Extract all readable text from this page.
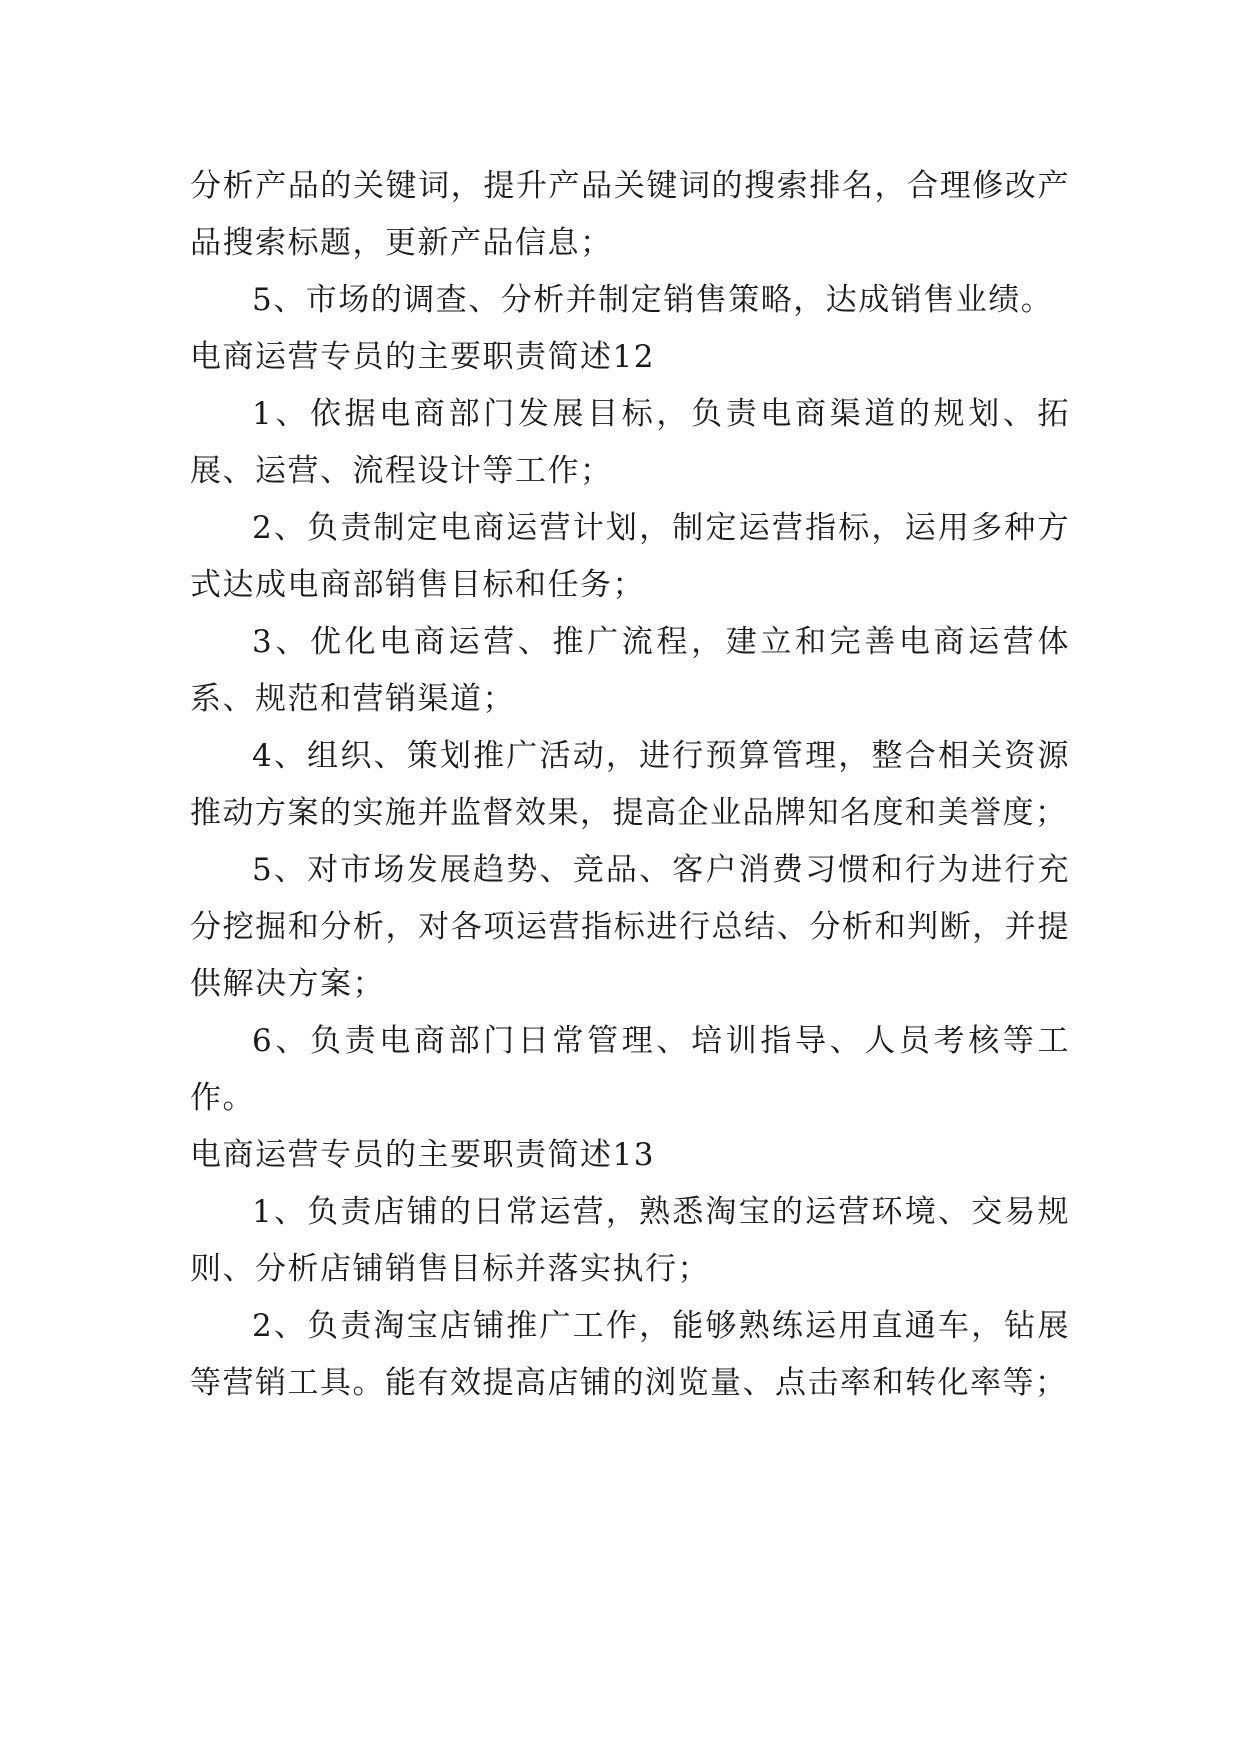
分析产品的关键词，提升产品关键词的搜索排名，合理修改产品搜索标题，更新产品信息；

5、市场的调查、分析并制定销售策略，达成销售业绩。

电商运营专员的主要职责简述12

1、依据电商部门发展目标，负责电商渠道的规划、拓展、运营、流程设计等工作；

2、负责制定电商运营计划，制定运营指标，运用多种方式达成电商部销售目标和任务；

3、优化电商运营、推广流程，建立和完善电商运营体系、规范和营销渠道；

4、组织、策划推广活动，进行预算管理，整合相关资源推动方案的实施并监督效果，提高企业品牌知名度和美誉度；

5、对市场发展趋势、竞品、客户消费习惯和行为进行充分挖掘和分析，对各项运营指标进行总结、分析和判断，并提供解决方案；

6、负责电商部门日常管理、培训指导、人员考核等工作。

电商运营专员的主要职责简述13

1、负责店铺的日常运营，熟悉淘宝的运营环境、交易规则、分析店铺销售目标并落实执行；

2、负责淘宝店铺推广工作，能够熟练运用直通车，钻展等营销工具。能有效提高店铺的浏览量、点击率和转化率等；
